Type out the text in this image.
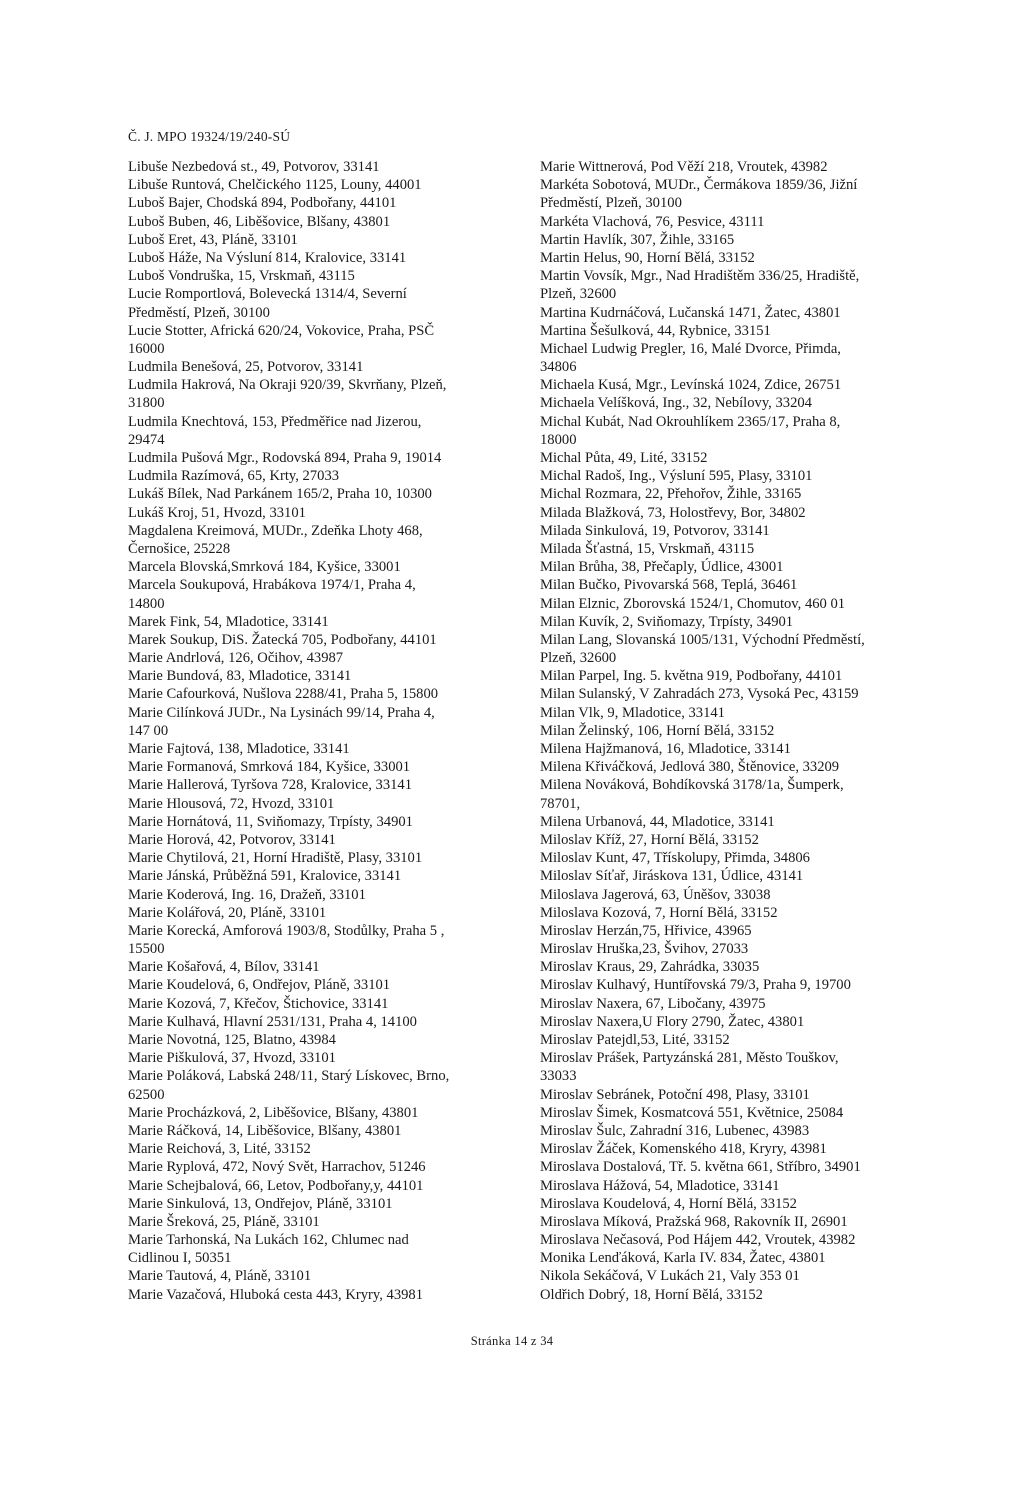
Č. J. MPO 19324/19/240-SÚ
Libuše Nezbedová st., 49, Potvorov, 33141
Libuše Runtová, Chelčického 1125, Louny, 44001
Luboš Bajer, Chodská 894, Podbořany, 44101
Luboš Buben, 46, Liběšovice, Blšany, 43801
Luboš Eret, 43, Pláně, 33101
Luboš Háže, Na Výsluní 814, Kralovice, 33141
Luboš Vondruška, 15, Vrskmaň, 43115
Lucie Romportlová, Bolevecká 1314/4, Severní
Předměstí, Plzeň, 30100
Lucie Stotter, Africká 620/24, Vokovice, Praha, PSČ
16000
Ludmila Benešová, 25, Potvorov, 33141
Ludmila Hakrová, Na Okraji 920/39, Skvrňany, Plzeň,
31800
Ludmila Knechtová, 153, Předměřice nad Jizerou,
29474
Ludmila Pušová Mgr., Rodovská 894, Praha 9, 19014
Ludmila Razímová, 65, Krty, 27033
Lukáš Bílek, Nad Parkánem 165/2, Praha 10, 10300
Lukáš Kroj, 51, Hvozd, 33101
Magdalena Kreimová, MUDr., Zdeňka Lhoty 468,
Černošice, 25228
Marcela Blovská,Smrková 184, Kyšice, 33001
Marcela Soukupová, Hrabákova 1974/1, Praha 4,
14800
Marek Fink, 54, Mladotice, 33141
Marek Soukup, DiS. Žatecká 705, Podbořany, 44101
Marie Andrlová, 126, Očihov, 43987
Marie Bundová, 83, Mladotice, 33141
Marie Cafourková, Nušlova 2288/41, Praha 5, 15800
Marie Cilínková JUDr., Na Lysinách 99/14, Praha 4,
147 00
Marie Fajtová, 138, Mladotice, 33141
Marie Formanová, Smrková 184, Kyšice, 33001
Marie Hallerová, Tyršova 728, Kralovice, 33141
Marie Hlousová, 72, Hvozd, 33101
Marie Hornátová, 11, Sviňomazy, Trpísty, 34901
Marie Horová, 42, Potvorov, 33141
Marie Chytilová, 21, Horní Hradiště, Plasy, 33101
Marie Jánská, Průběžná 591, Kralovice, 33141
Marie Koderová, Ing. 16, Dražeň, 33101
Marie Kolářová, 20, Pláně, 33101
Marie Korecká, Amforová 1903/8, Stodůlky, Praha 5 ,
15500
Marie Košařová, 4, Bílov, 33141
Marie Koudelová, 6, Ondřejov, Pláně, 33101
Marie Kozová, 7, Křečov, Štichovice, 33141
Marie Kulhavá, Hlavní 2531/131, Praha 4, 14100
Marie Novotná, 125, Blatno, 43984
Marie Piškulová, 37, Hvozd, 33101
Marie Poláková, Labská 248/11, Starý Lískovec, Brno,
62500
Marie Procházková, 2, Liběšovice, Blšany, 43801
Marie Ráčková, 14, Liběšovice, Blšany, 43801
Marie Reichová, 3, Lité, 33152
Marie Ryplová, 472, Nový Svět, Harrachov, 51246
Marie Schejbalová, 66, Letov, Podbořany,y, 44101
Marie Sinkulová, 13, Ondřejov, Pláně, 33101
Marie Šreková, 25, Pláně, 33101
Marie Tarhonská, Na Lukách 162, Chlumec nad
Cidlinou I, 50351
Marie Tautová, 4, Pláně, 33101
Marie Vazačová, Hluboká cesta 443, Kryry, 43981
Marie Wittnerová, Pod Věží 218, Vroutek, 43982
Markéta Sobotová, MUDr., Čermákova 1859/36, Jižní
Předměstí, Plzeň, 30100
Markéta Vlachová, 76, Pesvice, 43111
Martin Havlík, 307, Žihle, 33165
Martin Helus, 90, Horní Bělá, 33152
Martin Vovsík, Mgr., Nad Hradištěm 336/25, Hradiště,
Plzeň, 32600
Martina Kudrnáčová, Lučanská 1471, Žatec, 43801
Martina Šešulková, 44, Rybnice, 33151
Michael Ludwig Pregler, 16, Malé Dvorce, Přimda,
34806
Michaela Kusá, Mgr., Levínská 1024, Zdice, 26751
Michaela Velíšková, Ing., 32, Nebílovy, 33204
Michal Kubát, Nad Okrouhlíkem 2365/17, Praha 8,
18000
Michal Půta, 49, Lité, 33152
Michal Radoš, Ing., Výsluní 595, Plasy, 33101
Michal Rozmara, 22, Přehořov, Žihle, 33165
Milada Blažková, 73, Holostřevy, Bor, 34802
Milada Sinkulová, 19, Potvorov, 33141
Milada Šťastná, 15, Vrskmaň, 43115
Milan Brůha, 38, Přečaply, Údlice, 43001
Milan Bučko, Pivovarská 568, Teplá, 36461
Milan Elznic, Zborovská 1524/1, Chomutov, 460 01
Milan Kuvík, 2, Sviňomazy, Trpísty, 34901
Milan Lang, Slovanská 1005/131, Východní Předměstí,
Plzeň, 32600
Milan Parpel, Ing. 5. května 919, Podbořany, 44101
Milan Sulanský, V Zahradách 273, Vysoká Pec, 43159
Milan Vlk, 9, Mladotice, 33141
Milan Želinský, 106, Horní Bělá, 33152
Milena Hajžmanová, 16, Mladotice, 33141
Milena Křiváčková, Jedlová 380, Štěnovice, 33209
Milena Nováková, Bohdíkovská 3178/1a, Šumperk,
78701,
Milena Urbanová, 44, Mladotice, 33141
Miloslav Kříž, 27, Horní Bělá, 33152
Miloslav Kunt, 47, Třískolupy, Přimda, 34806
Miloslav Síťař, Jiráskova 131, Údlice, 43141
Miloslava Jagerová, 63, Úněšov, 33038
Miloslava Kozová, 7, Horní Bělá, 33152
Miroslav Herzán,75, Hřivice, 43965
Miroslav Hruška,23, Švihov, 27033
Miroslav Kraus, 29, Zahrádka, 33035
Miroslav Kulhavý, Huntířovská 79/3, Praha 9, 19700
Miroslav Naxera, 67, Libočany, 43975
Miroslav Naxera,U Flory 2790, Žatec, 43801
Miroslav Patejdl,53, Lité, 33152
Miroslav Prášek, Partyzánská 281, Město Touškov,
33033
Miroslav Sebránek, Potoční 498, Plasy, 33101
Miroslav Šimek, Kosmatcová 551, Květnice, 25084
Miroslav Šulc, Zahradní 316, Lubenec, 43983
Miroslav Žáček, Komenského 418, Kryry, 43981
Miroslava Dostalová, Tř. 5. května 661, Stříbro, 34901
Miroslava Hážová, 54, Mladotice, 33141
Miroslava Koudelová, 4, Horní Bělá, 33152
Miroslava Míková, Pražská 968, Rakovník II, 26901
Miroslava Nečasová, Pod Hájem 442, Vroutek, 43982
Monika Lenďáková, Karla IV. 834, Žatec, 43801
Nikola Sekáčová, V Lukách 21, Valy 353 01
Oldřich Dobrý, 18, Horní Bělá, 33152
Stránka 14 z 34
